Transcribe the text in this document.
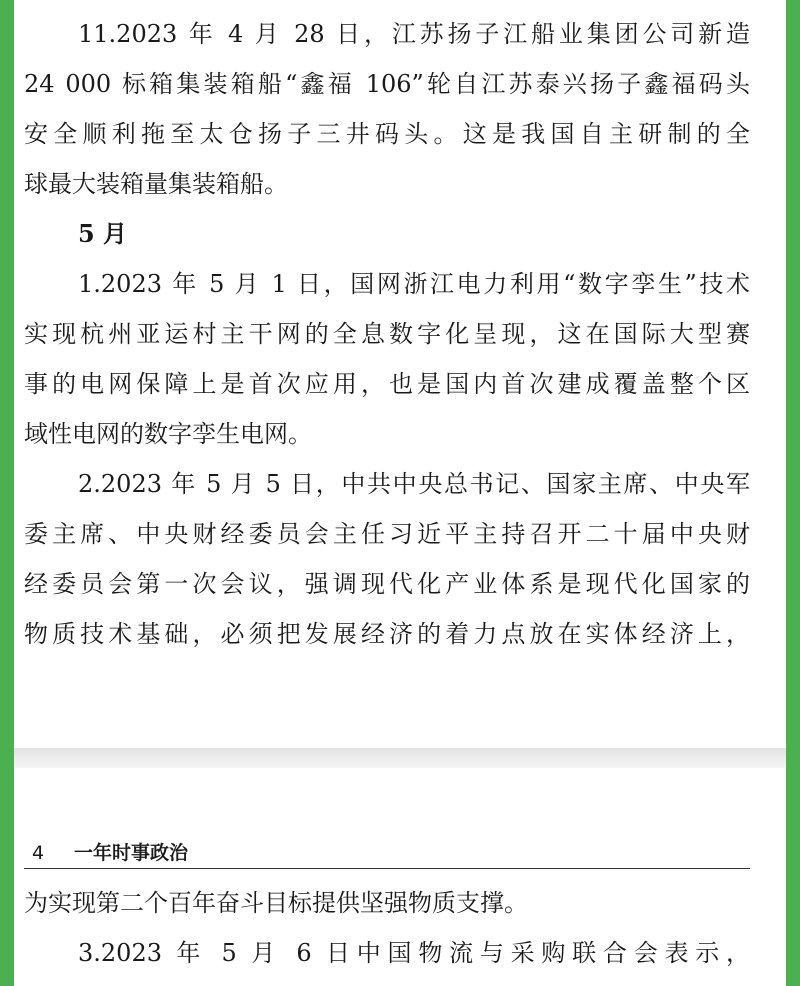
11.2023 年 4 月 28 日，江苏扬子江船业集团公司新造
24 000 标箱集装箱船“鑫福 106”轮自江苏泰兴扬子鑫福码头
安全顺利拖至太仓扬子三井码头。这是我国自主研制的全
球最大装箱量集装箱船。
5 月
1.2023 年 5 月 1 日，国网浙江电力利用“数字孪生”技术
实现杭州亚运村主干网的全息数字化呈现，这在国际大型赛
事的电网保障上是首次应用，也是国内首次建成覆盖整个区
域性电网的数字孪生电网。
2.2023 年 5 月 5 日，中共中央总书记、国家主席、中央军
委主席、中央财经委员会主任习近平主持召开二十届中央财
经委员会第一次会议，强调现代化产业体系是现代化国家的
物质技术基础，必须把发展经济的着力点放在实体经济上，
4 一年时事政治
为实现第二个百年奋斗目标提供坚强物质支撑。
3.2023 年 5 月 6 日中国物流与采购联合会表示，
